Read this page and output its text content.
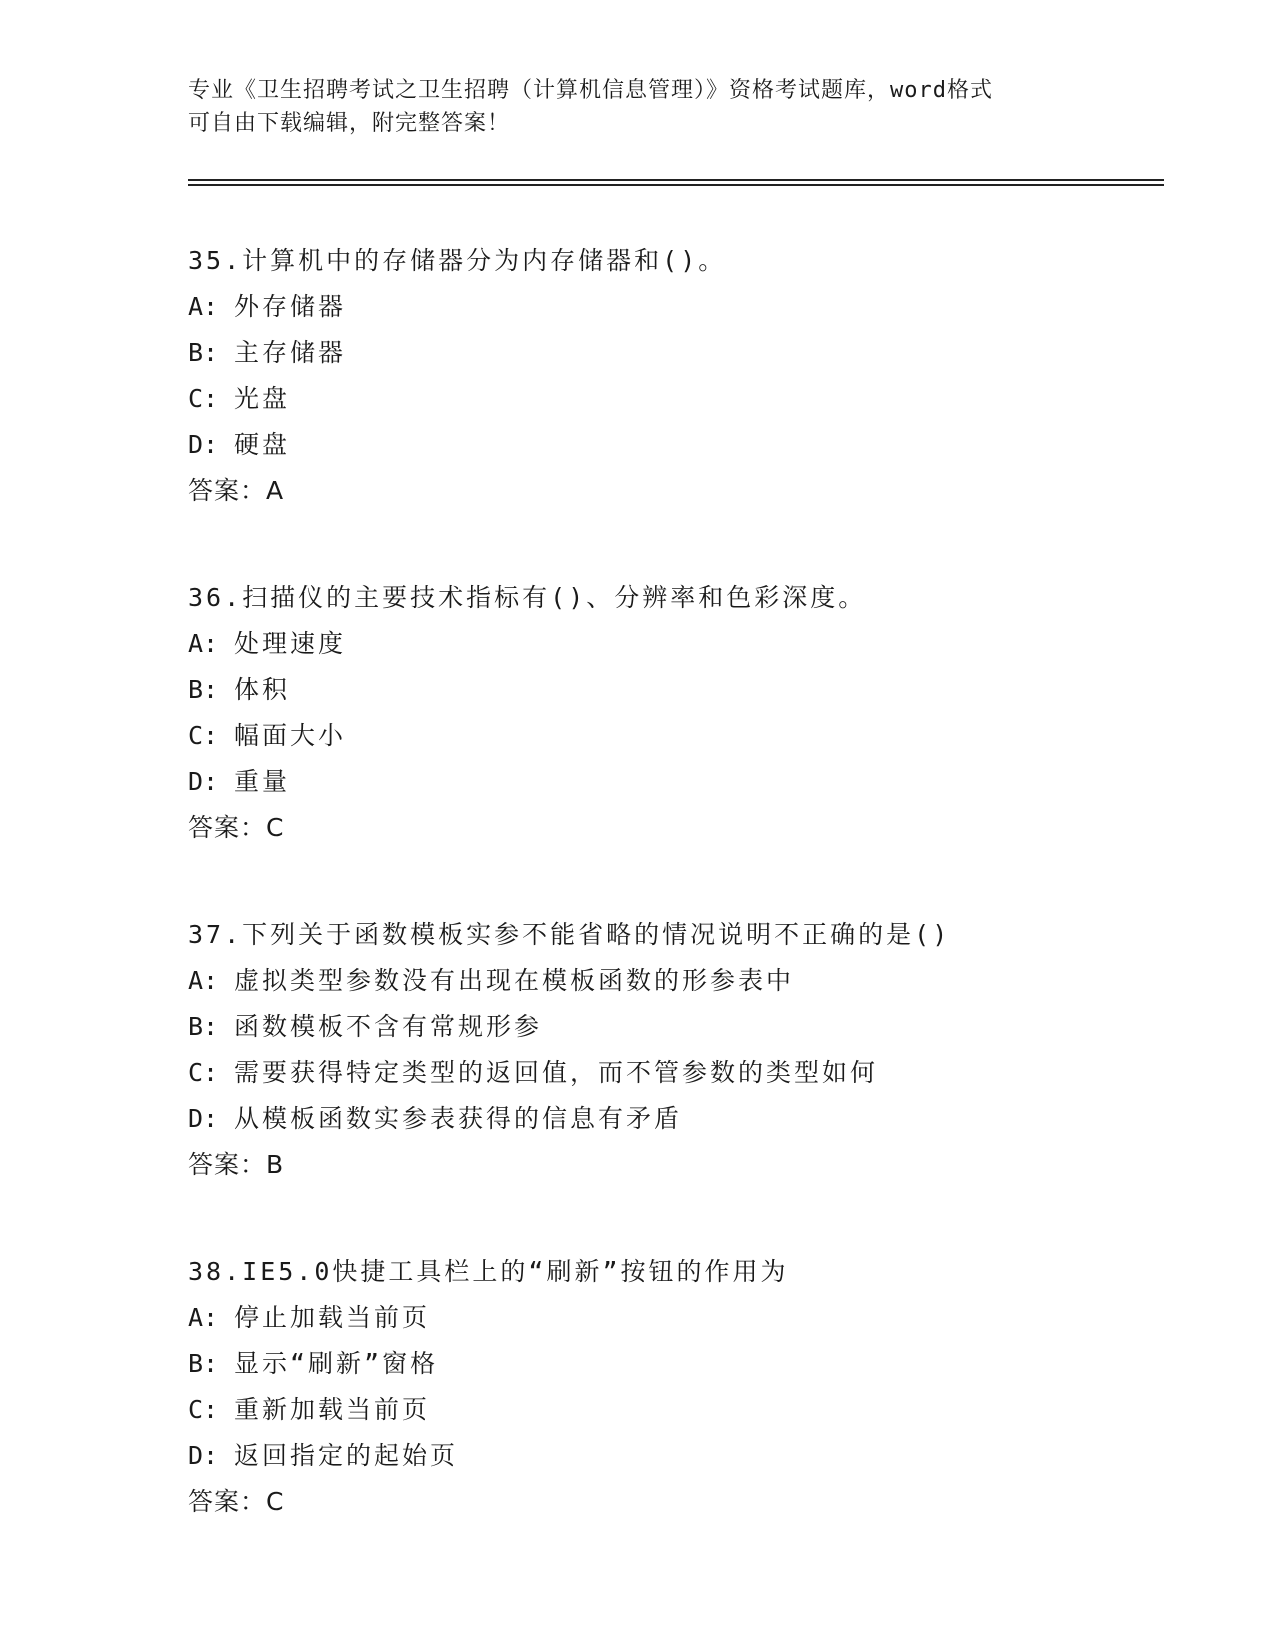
专业《卫生招聘考试之卫生招聘（计算机信息管理）》资格考试题库，word格式
可自由下载编辑，附完整答案！
35.计算机中的存储器分为内存储器和()。
A: 外存储器
B: 主存储器
C: 光盘
D: 硬盘
答案：A
36.扫描仪的主要技术指标有()、分辨率和色彩深度。
A: 处理速度
B: 体积
C: 幅面大小
D: 重量
答案：C
37.下列关于函数模板实参不能省略的情况说明不正确的是()
A: 虚拟类型参数没有出现在模板函数的形参表中
B: 函数模板不含有常规形参
C: 需要获得特定类型的返回值，而不管参数的类型如何
D: 从模板函数实参表获得的信息有矛盾
答案：B
38.IE5.0快捷工具栏上的“刷新”按钮的作用为
A: 停止加载当前页
B: 显示“刷新”窗格
C: 重新加载当前页
D: 返回指定的起始页
答案：C
